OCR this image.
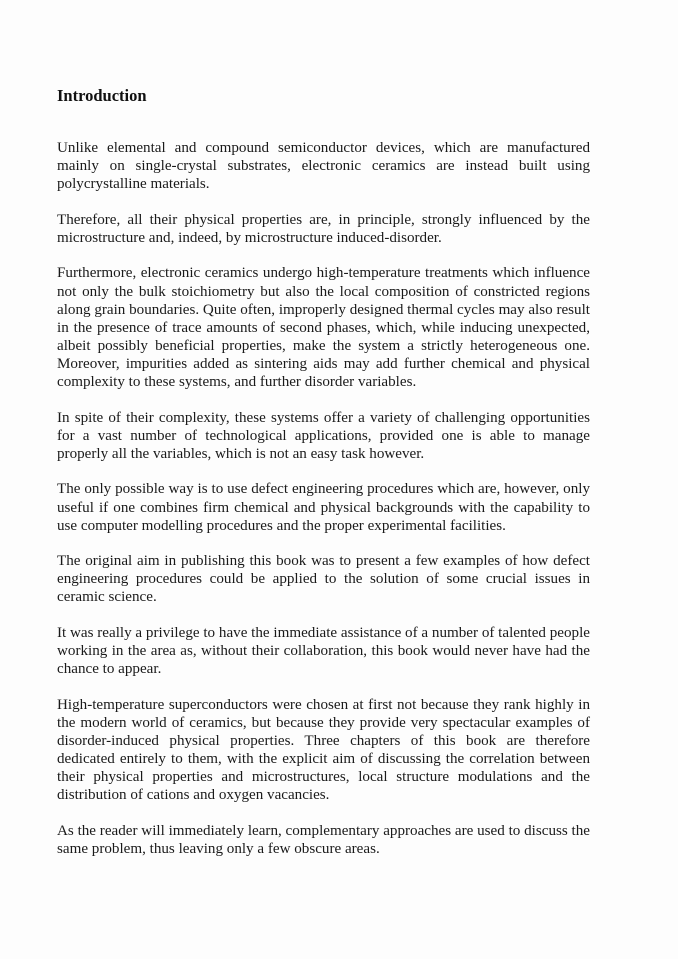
Introduction

Unlike elemental and compound semiconductor devices, which are manufactured mainly on single-crystal substrates, electronic ceramics are instead built using polycrystalline materials.

Therefore, all their physical properties are, in principle, strongly influenced by the microstructure and, indeed, by microstructure induced-disorder.

Furthermore, electronic ceramics undergo high-temperature treatments which influence not only the bulk stoichiometry but also the local composition of constricted regions along grain boundaries. Quite often, improperly designed thermal cycles may also result in the presence of trace amounts of second phases, which, while inducing unexpected, albeit possibly beneficial properties, make the system a strictly heterogeneous one. Moreover, impurities added as sintering aids may add further chemical and physical complexity to these systems, and further disorder variables.

In spite of their complexity, these systems offer a variety of challenging opportunities for a vast number of technological applications, provided one is able to manage properly all the variables, which is not an easy task however.

The only possible way is to use defect engineering procedures which are, however, only useful if one combines firm chemical and physical backgrounds with the capability to use computer modelling procedures and the proper experimental facilities.

The original aim in publishing this book was to present a few examples of how defect engineering procedures could be applied to the solution of some crucial issues in ceramic science.

It was really a privilege to have the immediate assistance of a number of talented people working in the area as, without their collaboration, this book would never have had the chance to appear.

High-temperature superconductors were chosen at first not because they rank highly in the modern world of ceramics, but because they provide very spectacular examples of disorder-induced physical properties. Three chapters of this book are therefore dedicated entirely to them, with the explicit aim of discussing the correlation between their physical properties and microstructures, local structure modulations and the distribution of cations and oxygen vacancies.

As the reader will immediately learn, complementary approaches are used to discuss the same problem, thus leaving only a few obscure areas.
